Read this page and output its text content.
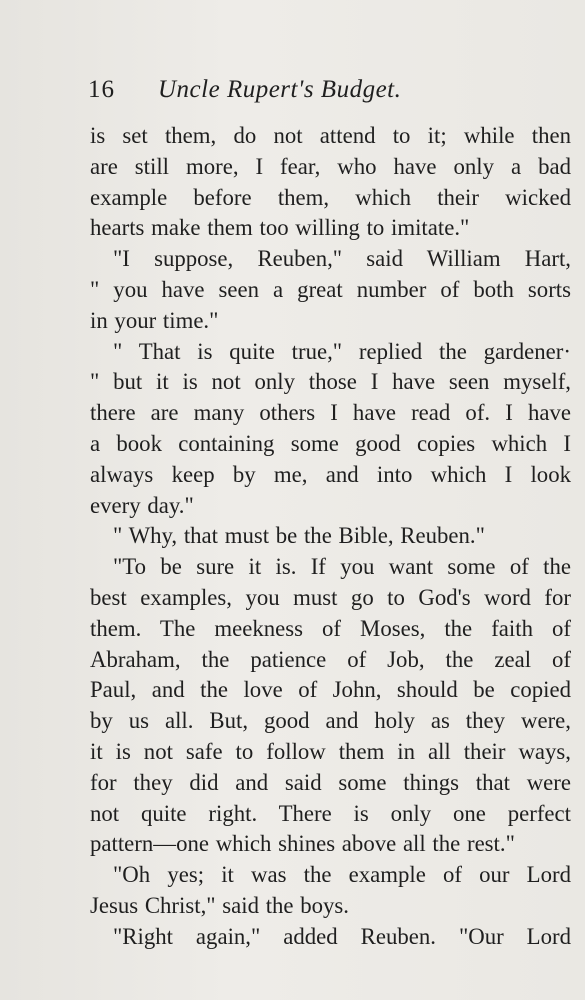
16	Uncle Rupert's Budget.
is set them, do not attend to it; while then
are still more, I fear, who have only a bad
example before them, which their wicked
hearts make them too willing to imitate."
"I suppose, Reuben," said William Hart,
" you have seen a great number of both sorts
in your time."
" That is quite true," replied the gardener·
" but it is not only those I have seen myself,
there are many others I have read of. I have
a book containing some good copies which I
always keep by me, and into which I look
every day."
" Why, that must be the Bible, Reuben."
"To be sure it is. If you want some of the
best examples, you must go to God's word for
them. The meekness of Moses, the faith of
Abraham, the patience of Job, the zeal of
Paul, and the love of John, should be copied
by us all. But, good and holy as they were,
it is not safe to follow them in all their ways,
for they did and said some things that were
not quite right. There is only one perfect
pattern—one which shines above all the rest."
"Oh yes; it was the example of our Lord
Jesus Christ," said the boys.
"Right again," added Reuben. "Our Lord
